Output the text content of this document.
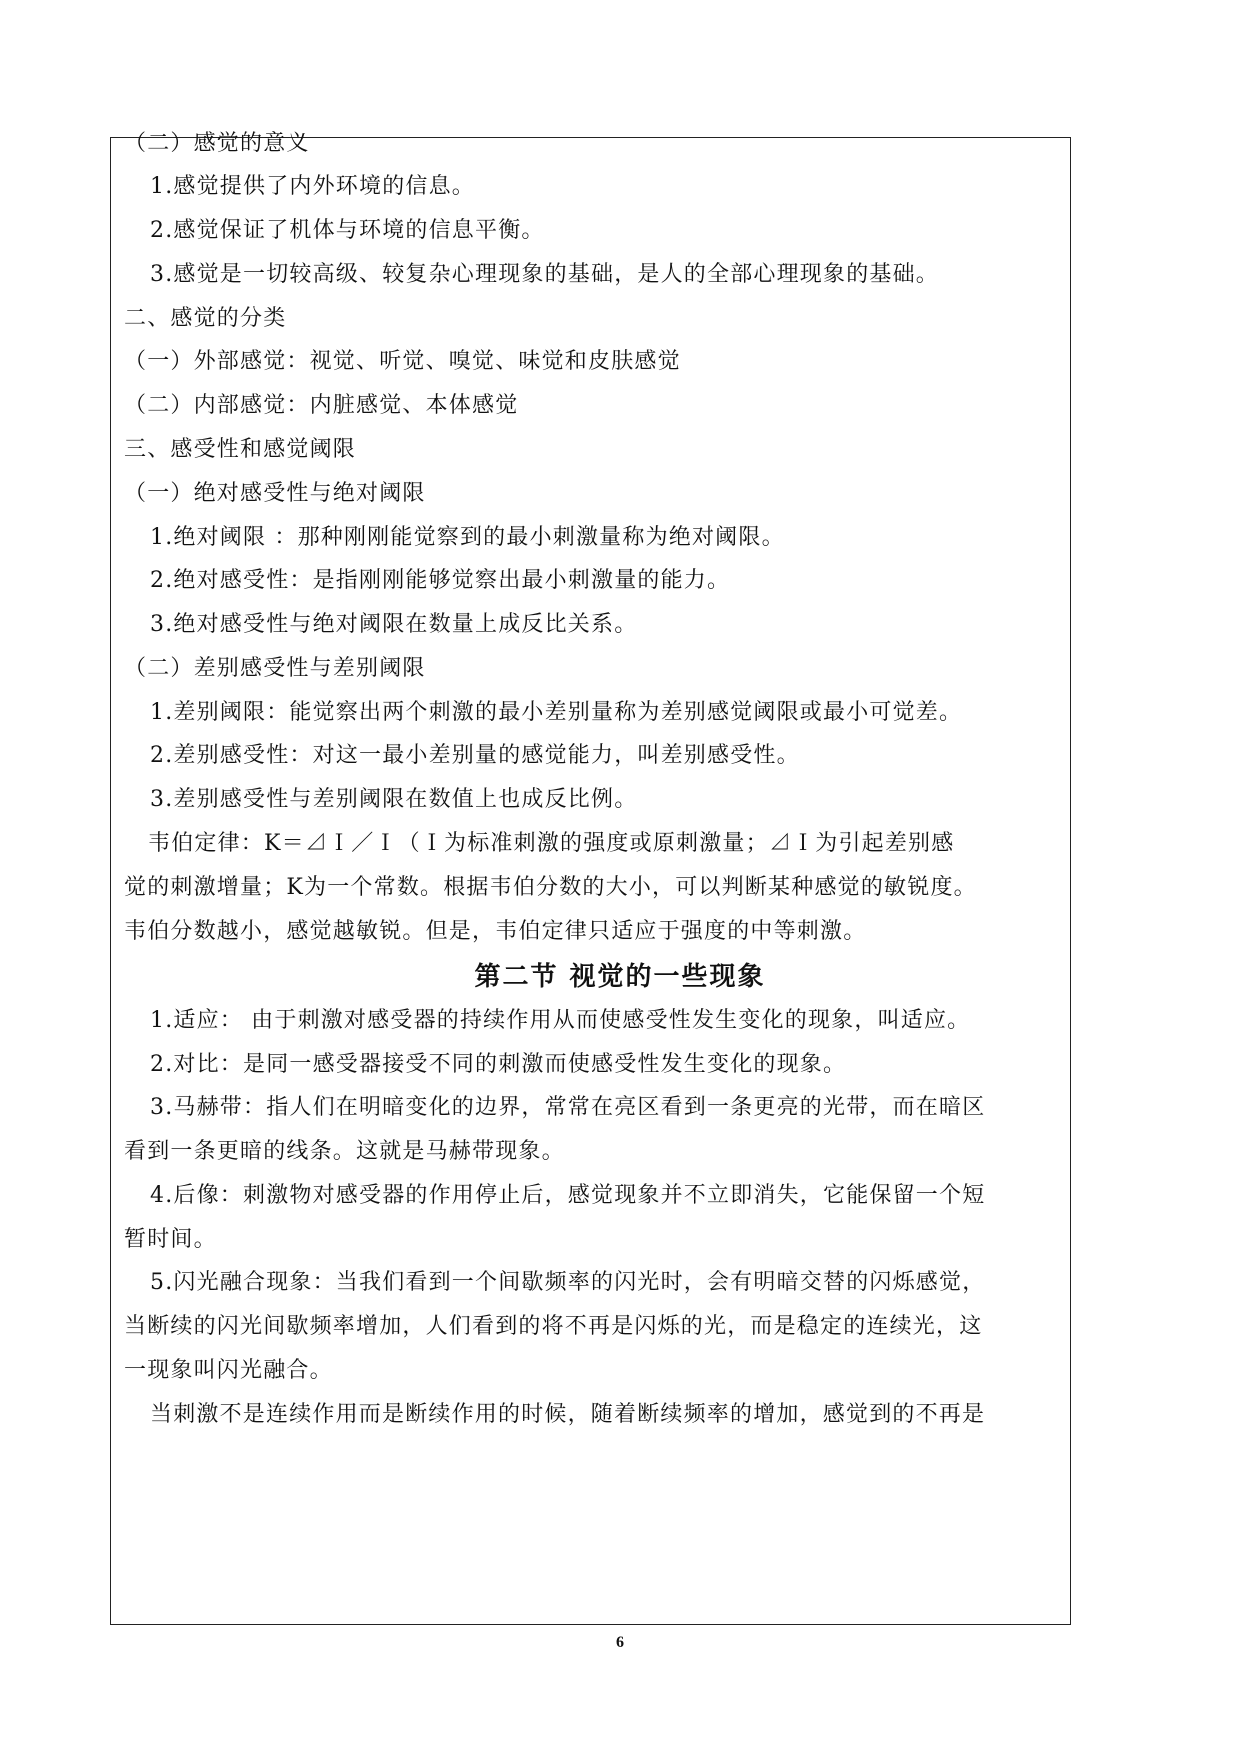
（二）感觉的意义
1.感觉提供了内外环境的信息。
2.感觉保证了机体与环境的信息平衡。
3.感觉是一切较高级、较复杂心理现象的基础，是人的全部心理现象的基础。
二、感觉的分类
（一）外部感觉：视觉、听觉、嗅觉、味觉和皮肤感觉
（二）内部感觉：内脏感觉、本体感觉
三、感受性和感觉阈限
（一）绝对感受性与绝对阈限
1.绝对阈限 ：那种刚刚能觉察到的最小刺激量称为绝对阈限。
2.绝对感受性：是指刚刚能够觉察出最小刺激量的能力。
3.绝对感受性与绝对阈限在数量上成反比关系。
（二）差别感受性与差别阈限
1.差别阈限：能觉察出两个刺激的最小差别量称为差别感觉阈限或最小可觉差。
2.差别感受性：对这一最小差别量的感觉能力，叫差别感受性。
3.差别感受性与差别阈限在数值上也成反比例。
韦伯定律：K＝⊿Ｉ／Ｉ（Ｉ为标准刺激的强度或原刺激量；⊿Ｉ为引起差别感
觉的刺激增量；K为一个常数。根据韦伯分数的大小，可以判断某种感觉的敏锐度。
韦伯分数越小，感觉越敏锐。但是，韦伯定律只适应于强度的中等刺激。
第二节 视觉的一些现象
1.适应： 由于刺激对感受器的持续作用从而使感受性发生变化的现象，叫适应。
2.对比：是同一感受器接受不同的刺激而使感受性发生变化的现象。
3.马赫带：指人们在明暗变化的边界，常常在亮区看到一条更亮的光带，而在暗区
看到一条更暗的线条。这就是马赫带现象。
4.后像：刺激物对感受器的作用停止后，感觉现象并不立即消失，它能保留一个短
暂时间。
5.闪光融合现象：当我们看到一个间歇频率的闪光时，会有明暗交替的闪烁感觉，
当断续的闪光间歇频率增加，人们看到的将不再是闪烁的光，而是稳定的连续光，这
一现象叫闪光融合。
当刺激不是连续作用而是断续作用的时候，随着断续频率的增加，感觉到的不再是
6
